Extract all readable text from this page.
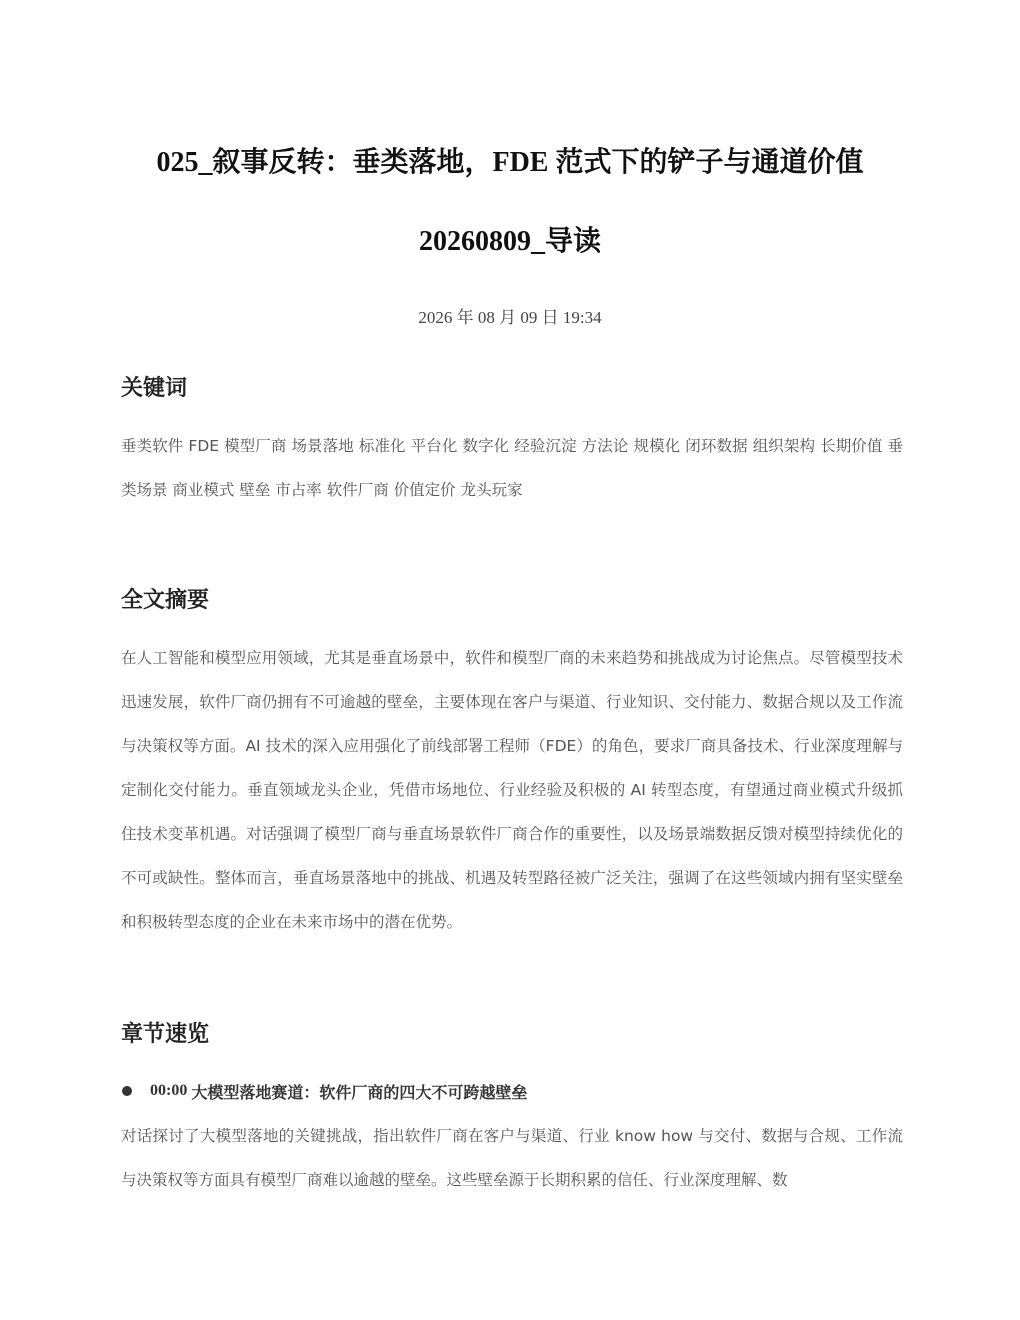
025_叙事反转：垂类落地，FDE 范式下的铲子与通道价值
20260809_导读
2026 年 08 月 09 日 19:34
关键词

垂类软件 FDE 模型厂商 场景落地 标准化 平台化 数字化 经验沉淀 方法论 规模化 闭环数据 组织架构 长期价值 垂类场景 商业模式 壁垒 市占率 软件厂商 价值定价 龙头玩家

全文摘要

在人工智能和模型应用领域，尤其是垂直场景中，软件和模型厂商的未来趋势和挑战成为讨论焦点。尽管模型技术迅速发展，软件厂商仍拥有不可逾越的壁垒，主要体现在客户与渠道、行业知识、交付能力、数据合规以及工作流与决策权等方面。AI 技术的深入应用强化了前线部署工程师（FDE）的角色，要求厂商具备技术、行业深度理解与定制化交付能力。垂直领域龙头企业，凭借市场地位、行业经验及积极的 AI 转型态度，有望通过商业模式升级抓住技术变革机遇。对话强调了模型厂商与垂直场景软件厂商合作的重要性，以及场景端数据反馈对模型持续优化的不可或缺性。整体而言，垂直场景落地中的挑战、机遇及转型路径被广泛关注，强调了在这些领域内拥有坚实壁垒和积极转型态度的企业在未来市场中的潜在优势。

章节速览
00:00 大模型落地赛道：软件厂商的四大不可跨越壁垒

对话探讨了大模型落地的关键挑战，指出软件厂商在客户与渠道、行业 know how 与交付、数据与合规、工作流与决策权等方面具有模型厂商难以逾越的壁垒。这些壁垒源于长期积累的信任、行业深度理解、数
